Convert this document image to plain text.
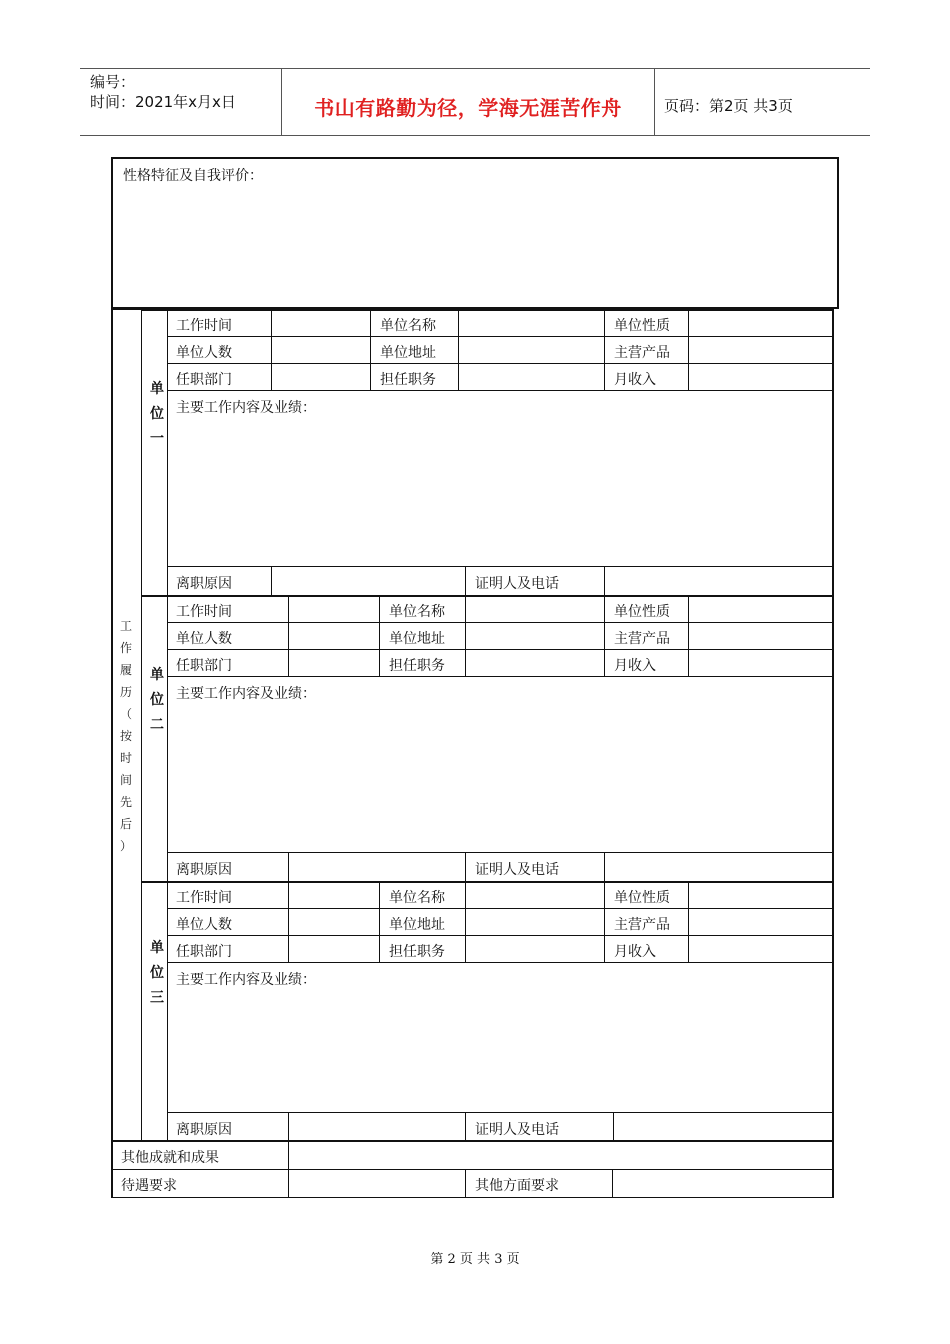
编号：
时间：2021年x月x日	书山有路勤为径，学海无涯苦作舟	页码：第2页 共3页
性格特征及自我评价：
工
作
履
历
（
按
时
间
先
后
）
工作时间	单位名称	单位性质
单位人数	单位地址	主营产品
任职部门	担任职务	月收入
主要工作内容及业绩：
离职原因	证明人及电话
单
位
一
工作时间	单位名称	单位性质
单位人数	单位地址	主营产品
任职部门	担任职务	月收入
主要工作内容及业绩：
离职原因	证明人及电话
单
位
二
工作时间	单位名称	单位性质
单位人数	单位地址	主营产品
任职部门	担任职务	月收入
主要工作内容及业绩：
离职原因	证明人及电话
单
位
三
其他成就和成果
待遇要求	其他方面要求
第 2 页 共 3 页
